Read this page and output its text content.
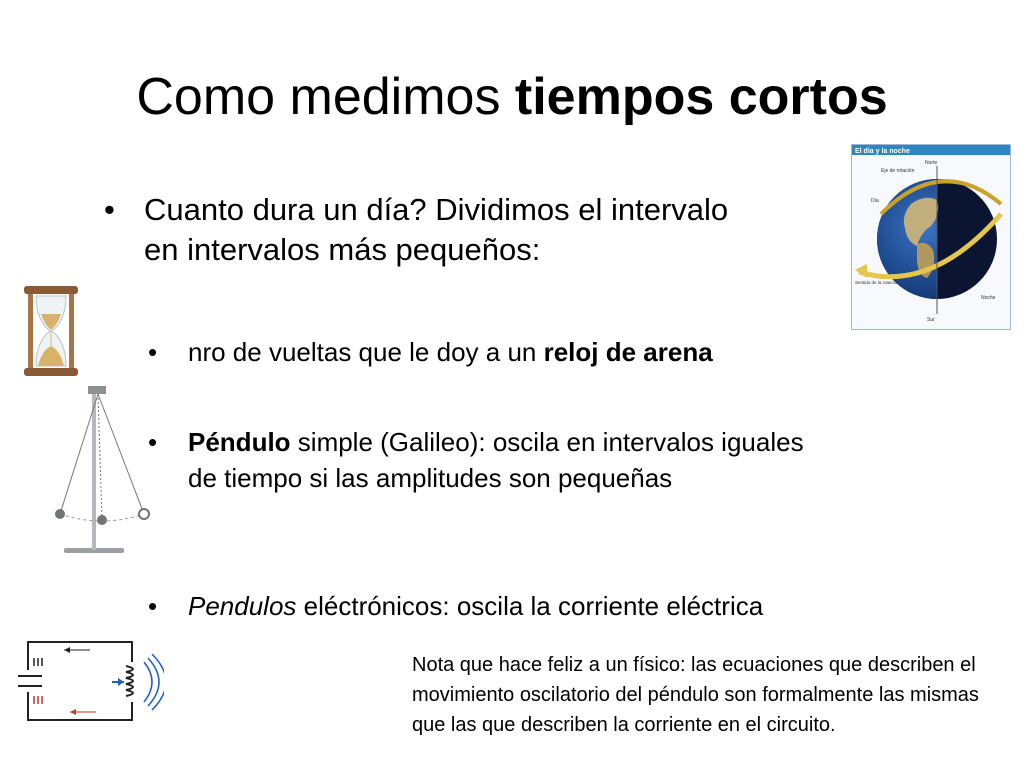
Como medimos tiempos cortos
• Cuanto dura un día? Dividimos el intervalo en intervalos más pequeños:
• nro de vueltas que le doy a un reloj de arena
• Péndulo simple (Galileo): oscila en intervalos iguales de tiempo si las amplitudes son pequeñas
• Pendulos eléctrónicos: oscila la corriente eléctrica
Nota que hace feliz a un físico: las ecuaciones que describen el movimiento oscilatorio del péndulo son formalmente las mismas que las que describen la corriente en el circuito.
El día y la noche
Norte
Eje de rotación
Día
Sentido de la rotación
Noche
Sur
